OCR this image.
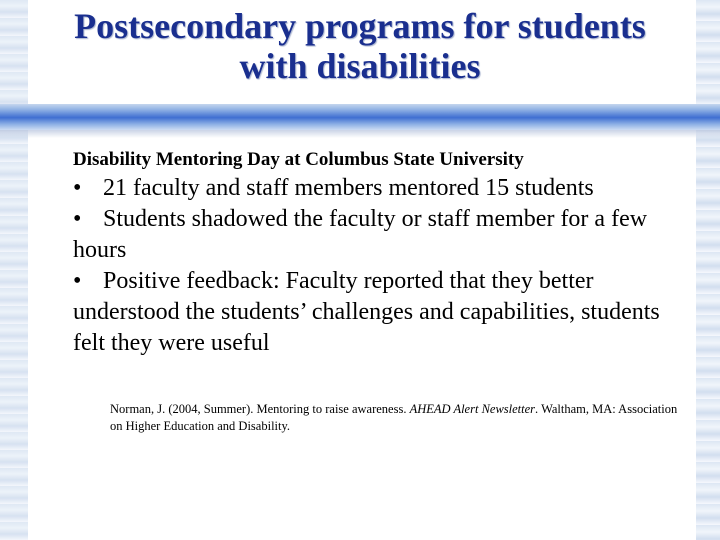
Postsecondary programs for students
with disabilities
Disability Mentoring Day at Columbus State University

• 21 faculty and staff members mentored 15 students

• Students shadowed the faculty or staff member for a few hours

• Positive feedback: Faculty reported that they better understood the students’ challenges and capabilities, students felt they were useful

Norman, J. (2004, Summer). Mentoring to raise awareness. AHEAD Alert Newsletter. Waltham, MA: Association on Higher Education and Disability.
